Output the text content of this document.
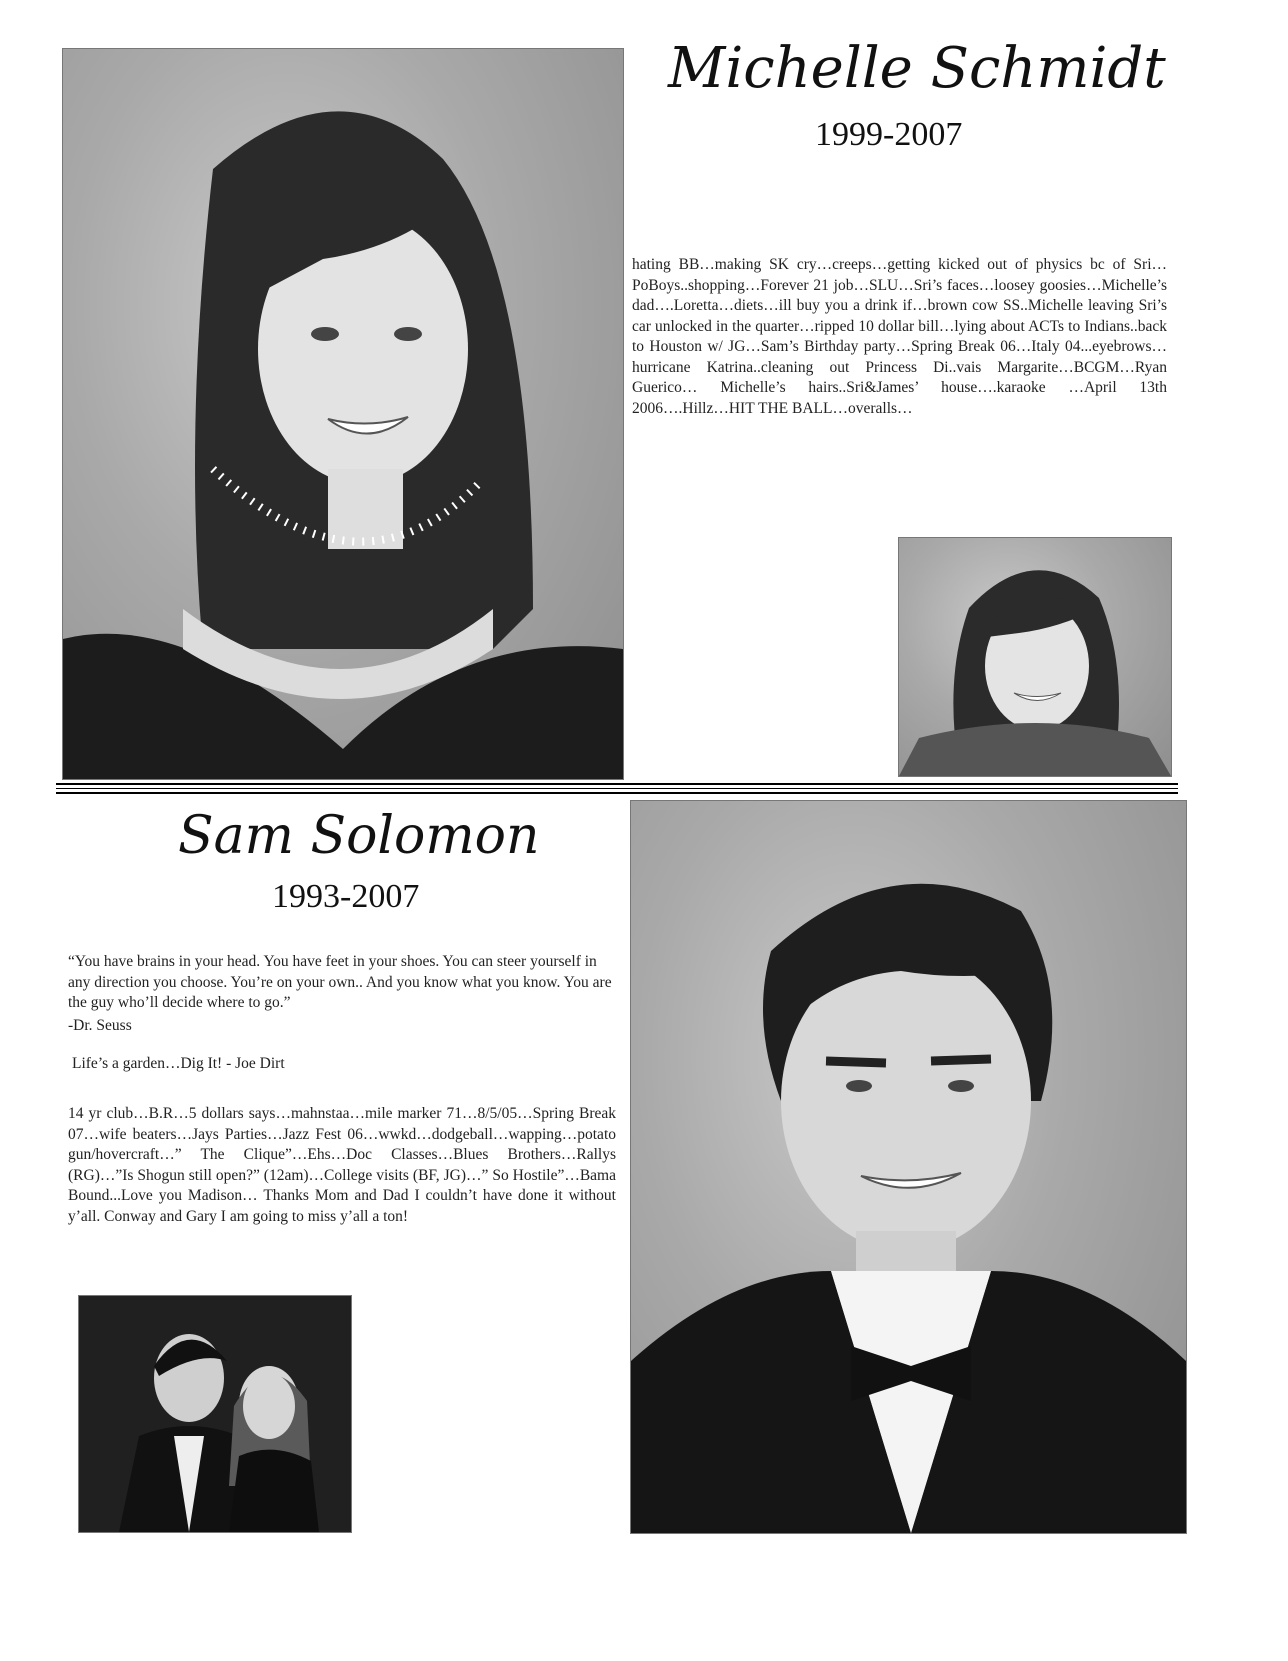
Michelle Schmidt
1999-2007

hating BB…making SK cry…creeps…getting kicked out of physics bc of Sri…PoBoys..shopping…Forever 21 job…SLU…Sri’s faces…loosey goosies…Michelle’s dad….Loretta…diets…ill buy you a drink if…brown cow SS..Michelle leaving Sri’s car unlocked in the quarter…ripped 10 dollar bill…lying about ACTs to Indians..back to Houston w/ JG…Sam’s Birthday party…Spring Break 06…Italy 04...eyebrows…hurricane Katrina..cleaning out Princess Di..vais Margarite…BCGM…Ryan Guerico… Michelle’s hairs..Sri&James’ house….karaoke …April 13th 2006….Hillz…HIT THE BALL…overalls…

Sam Solomon
1993-2007

“You have brains in your head. You have feet in your shoes. You can steer yourself in any direction you choose. You’re on your own.. And you know what you know. You are the guy who’ll decide where to go.”

-Dr. Seuss

Life’s a garden…Dig It! - Joe Dirt

14 yr club…B.R…5 dollars says…mahnstaa…mile marker 71…8/5/05…Spring Break 07…wife beaters…Jays Parties…Jazz Fest 06…wwkd…dodgeball…wapping…potato gun/hovercraft…” The Clique”…Ehs…Doc Classes…Blues Brothers…Rallys (RG)…”Is Shogun still open?” (12am)…College visits (BF, JG)…” So Hostile”…Bama Bound...Love you Madison… Thanks Mom and Dad I couldn’t have done it without y’all. Conway and Gary I am going to miss y’all a ton!
